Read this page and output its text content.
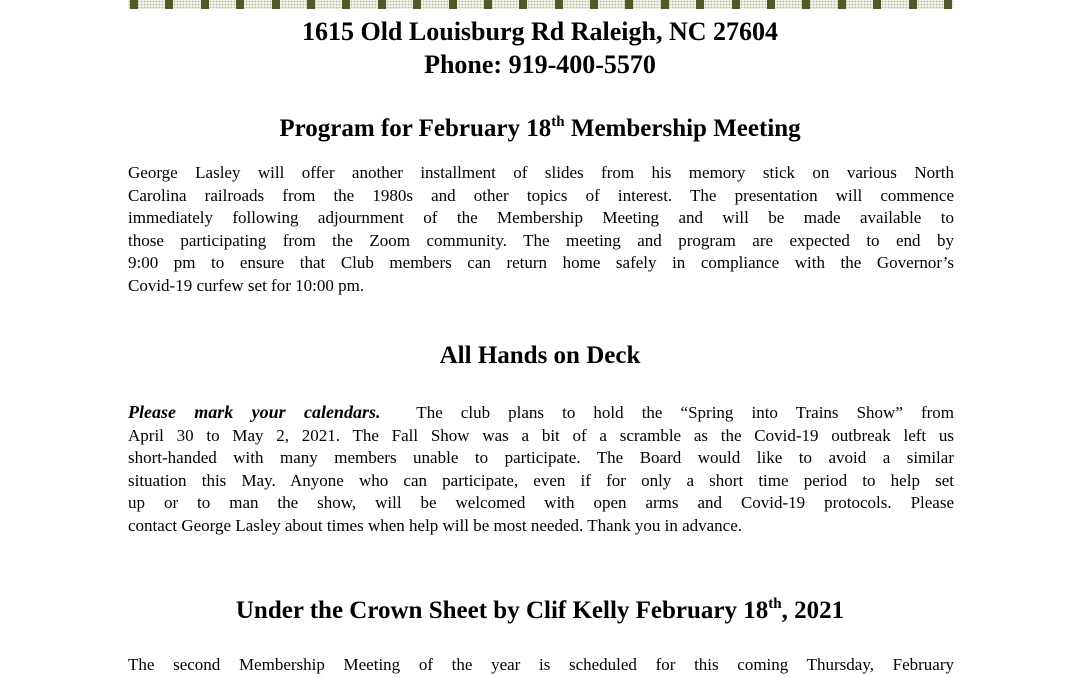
1615 Old Louisburg Rd Raleigh, NC 27604
Phone: 919-400-5570
Program for February 18th Membership Meeting
George Lasley will offer another installment of slides from his memory stick on various North
Carolina railroads from the 1980s and other topics of interest. The presentation will commence
immediately following adjournment of the Membership Meeting and will be made available to
those participating from the Zoom community. The meeting and program are expected to end by
9:00 pm to ensure that Club members can return home safely in compliance with the Governor’s
Covid-19 curfew set for 10:00 pm.
All Hands on Deck
Please mark your calendars.  The club plans to hold the “Spring into Trains Show” from
April 30 to May 2, 2021. The Fall Show was a bit of a scramble as the Covid-19 outbreak left us
short-handed with many members unable to participate. The Board would like to avoid a similar
situation this May. Anyone who can participate, even if for only a short time period to help set
up or to man the show, will be welcomed with open arms and Covid-19 protocols. Please
contact George Lasley about times when help will be most needed. Thank you in advance.
Under the Crown Sheet by Clif Kelly February 18th, 2021
The second Membership Meeting of the year is scheduled for this coming Thursday, February
